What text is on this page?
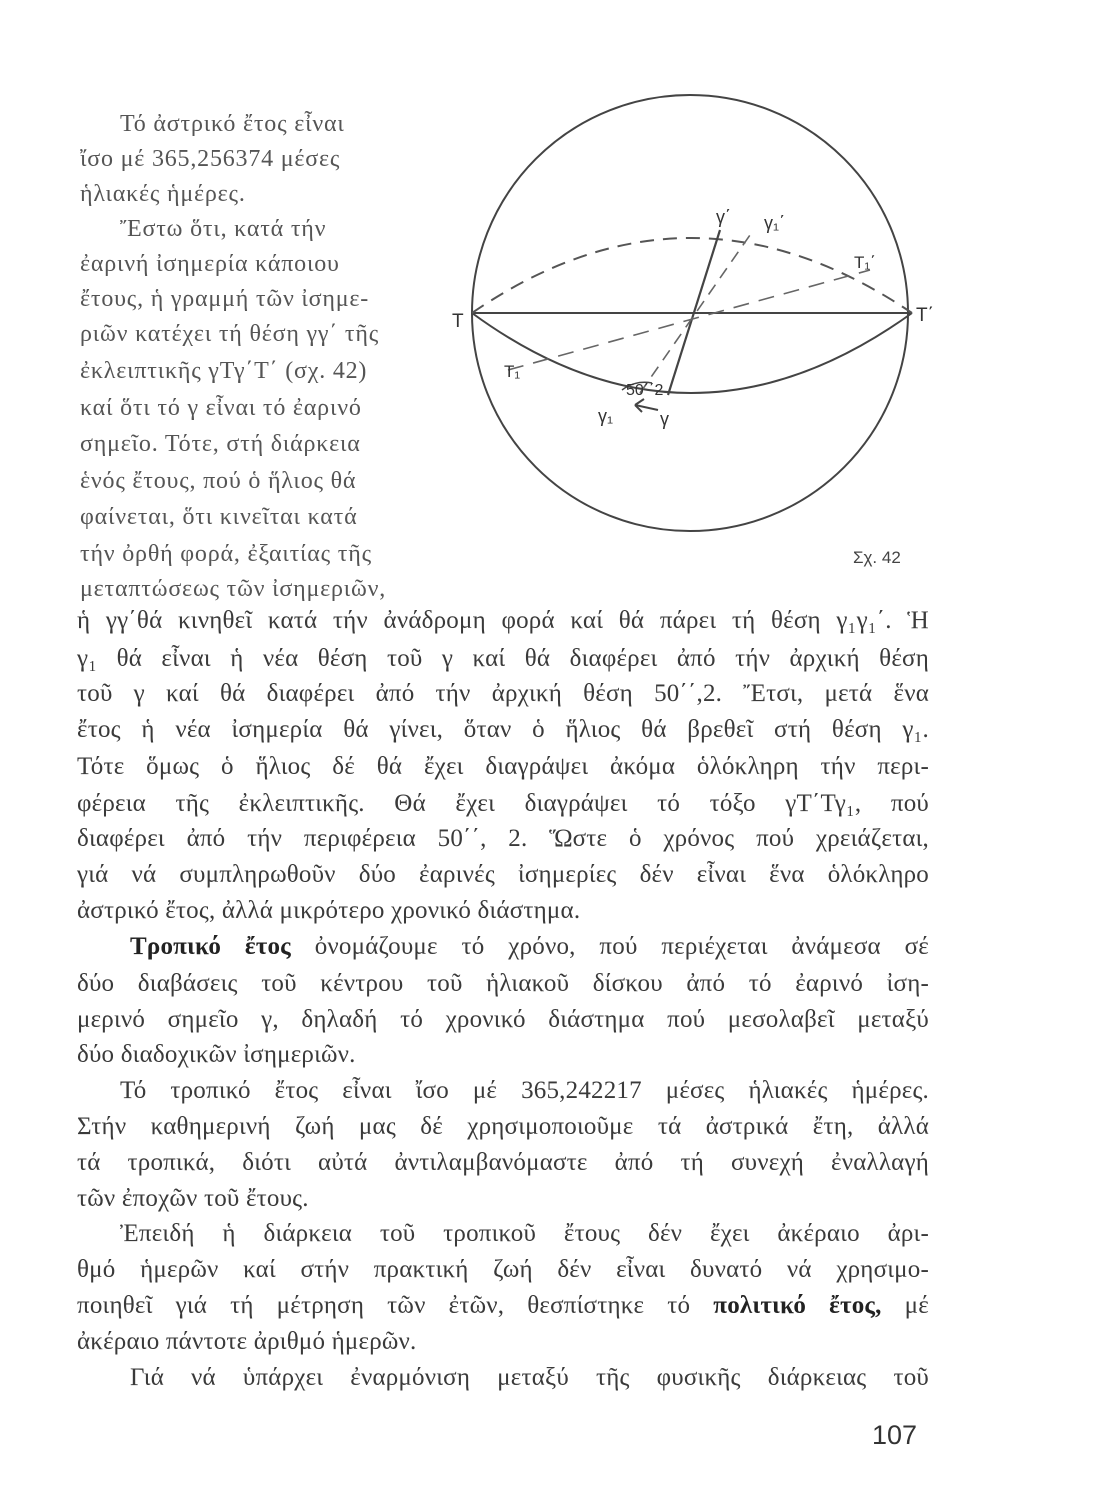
Τό ἀστρικό ἔτος εἶναι
ἴσο μέ 365,256374 μέσες
ἡλιακές ἡμέρες.
Ἔστω ὅτι, κατά τήν
ἐαρινή ἰσημερία κάποιου
ἔτους, ἡ γραμμή τῶν ἰσημε-
ριῶν κατέχει τή θέση γγ΄ τῆς
ἐκλειπτικῆς γΤγ΄Τ΄ (σχ. 42)
καί ὅτι τό γ εἶναι τό ἐαρινό
σημεῖο. Τότε, στή διάρκεια
ἑνός ἔτους, πού ὁ ἥλιος θά
φαίνεται, ὅτι κινεῖται κατά
τήν ὀρθή φορά, ἐξαιτίας τῆς
μεταπτώσεως τῶν ἰσημεριῶν,
T	T΄
T₁
T₁΄
γ΄ γ₁΄
γ
γ₁
50΄΄2
Σχ. 42
ἡ γγ΄θά κινηθεῖ κατά τήν ἀνάδρομη φορά καί θά πάρει τή θέση γ₁γ₁΄. Ἡ
γ₁ θά εἶναι ἡ νέα θέση τοῦ γ καί θά διαφέρει ἀπό τήν ἀρχική θέση
τοῦ γ καί θά διαφέρει ἀπό τήν ἀρχική θέση 50΄΄,2. Ἔτσι, μετά ἕνα
ἔτος ἡ νέα ἰσημερία θά γίνει, ὅταν ὁ ἥλιος θά βρεθεῖ στή θέση γ₁.
Τότε ὅμως ὁ ἥλιος δέ θά ἔχει διαγράψει ἀκόμα ὁλόκληρη τήν περι-
φέρεια τῆς ἐκλειπτικῆς. Θά ἔχει διαγράψει τό τόξο γΤ΄Τγ₁, πού
διαφέρει ἀπό τήν περιφέρεια 50΄΄, 2. Ὥστε ὁ χρόνος πού χρειάζεται,
γιά νά συμπληρωθοῦν δύο ἐαρινές ἰσημερίες δέν εἶναι ἕνα ὁλόκληρο
ἀστρικό ἔτος, ἀλλά μικρότερο χρονικό διάστημα.
Τροπικό ἔτος ὀνομάζουμε τό χρόνο, πού περιέχεται ἀνάμεσα σέ
δύο διαβάσεις τοῦ κέντρου τοῦ ἡλιακοῦ δίσκου ἀπό τό ἐαρινό ἰση-
μερινό σημεῖο γ, δηλαδή τό χρονικό διάστημα πού μεσολαβεῖ μεταξύ
δύο διαδοχικῶν ἰσημεριῶν.
Τό τροπικό ἔτος εἶναι ἴσο μέ 365,242217 μέσες ἡλιακές ἡμέρες.
Στήν καθημερινή ζωή μας δέ χρησιμοποιοῦμε τά ἀστρικά ἔτη, ἀλλά
τά τροπικά, διότι αὐτά ἀντιλαμβανόμαστε ἀπό τή συνεχή ἐναλλαγή
τῶν ἐποχῶν τοῦ ἔτους.
Ἐπειδή ἡ διάρκεια τοῦ τροπικοῦ ἔτους δέν ἔχει ἀκέραιο ἀρι-
θμό ἡμερῶν καί στήν πρακτική ζωή δέν εἶναι δυνατό νά χρησιμο-
ποιηθεῖ γιά τή μέτρηση τῶν ἐτῶν, θεσπίστηκε τό πολιτικό ἔτος, μέ
ἀκέραιο πάντοτε ἀριθμό ἡμερῶν.
Γιά νά ὑπάρχει ἐναρμόνιση μεταξύ τῆς φυσικῆς διάρκειας τοῦ
107
